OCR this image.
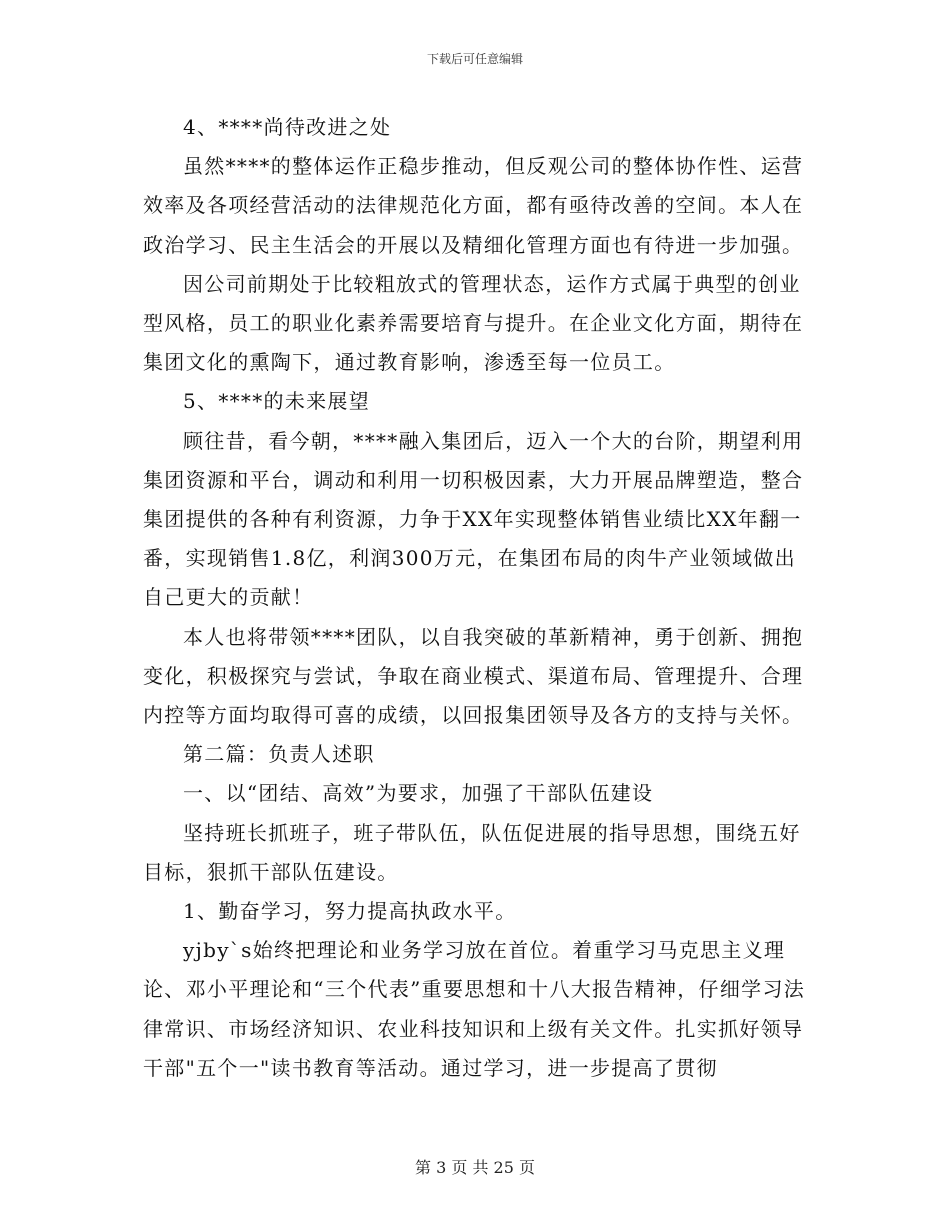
下载后可任意编辑

4、****尚待改进之处

虽然****的整体运作正稳步推动，但反观公司的整体协作性、运营效率及各项经营活动的法律规范化方面，都有亟待改善的空间。本人在政治学习、民主生活会的开展以及精细化管理方面也有待进一步加强。

因公司前期处于比较粗放式的管理状态，运作方式属于典型的创业型风格，员工的职业化素养需要培育与提升。在企业文化方面，期待在集团文化的熏陶下，通过教育影响，渗透至每一位员工。

5、****的未来展望

顾往昔，看今朝，****融入集团后，迈入一个大的台阶，期望利用集团资源和平台，调动和利用一切积极因素，大力开展品牌塑造，整合集团提供的各种有利资源，力争于XX年实现整体销售业绩比XX年翻一番，实现销售1.8亿，利润300万元，在集团布局的肉牛产业领域做出自己更大的贡献！

本人也将带领****团队，以自我突破的革新精神，勇于创新、拥抱变化，积极探究与尝试，争取在商业模式、渠道布局、管理提升、合理内控等方面均取得可喜的成绩，以回报集团领导及各方的支持与关怀。

第二篇：负责人述职

一、以“团结、高效”为要求，加强了干部队伍建设

坚持班长抓班子，班子带队伍，队伍促进展的指导思想，围绕五好目标，狠抓干部队伍建设。

1、勤奋学习，努力提高执政水平。

yjby`s始终把理论和业务学习放在首位。着重学习马克思主义理论、邓小平理论和“三个代表”重要思想和十八大报告精神，仔细学习法律常识、市场经济知识、农业科技知识和上级有关文件。扎实抓好领导干部"五个一"读书教育等活动。通过学习，进一步提高了贯彻

第 3 页 共 25 页
